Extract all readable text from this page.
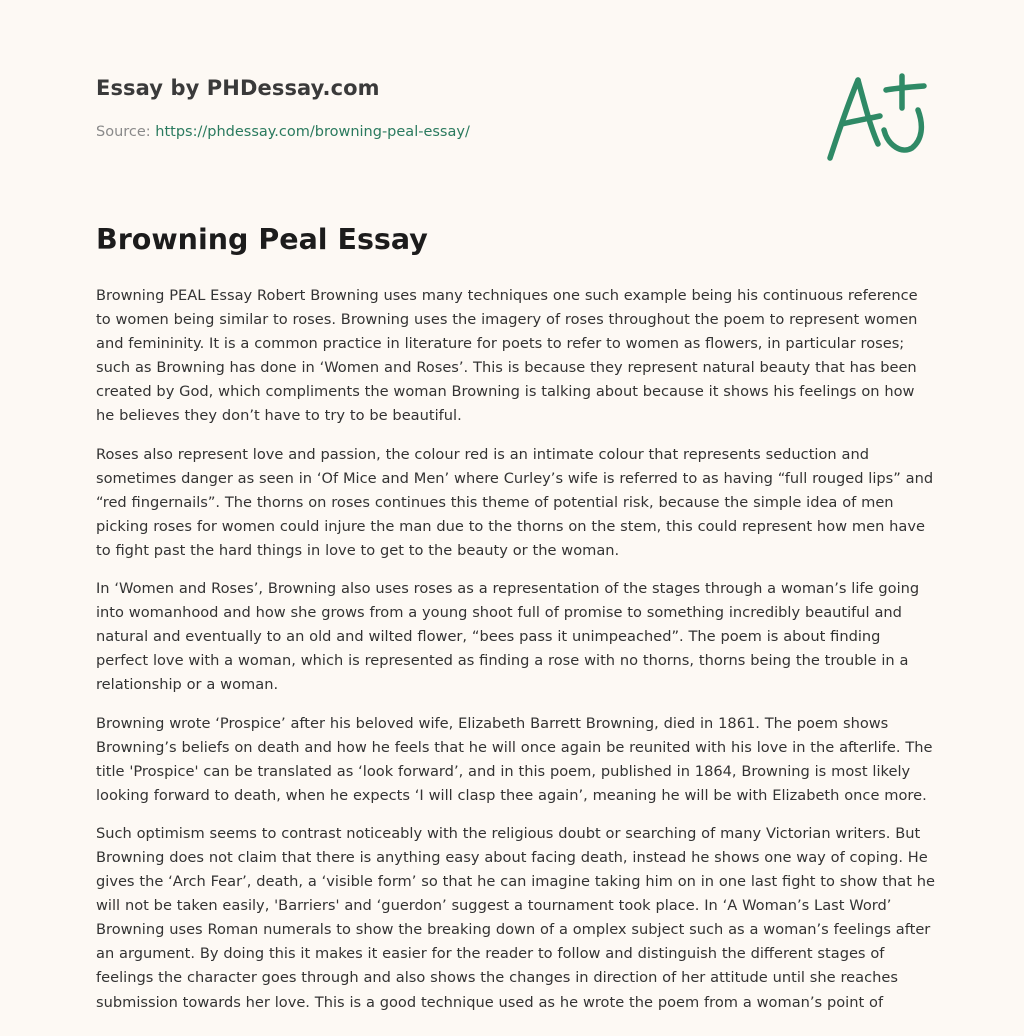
Essay by PHDessay.com
Source: https://phdessay.com/browning-peal-essay/
Browning Peal Essay

Browning PEAL Essay Robert Browning uses many techniques one such example being his continuous reference to women being similar to roses. Browning uses the imagery of roses throughout the poem to represent women and femininity. It is a common practice in literature for poets to refer to women as flowers, in particular roses; such as Browning has done in ‘Women and Roses’. This is because they represent natural beauty that has been created by God, which compliments the woman Browning is talking about because it shows his feelings on how he believes they don’t have to try to be beautiful.

Roses also represent love and passion, the colour red is an intimate colour that represents seduction and sometimes danger as seen in ‘Of Mice and Men’ where Curley’s wife is referred to as having “full rouged lips” and “red fingernails”. The thorns on roses continues this theme of potential risk, because the simple idea of men picking roses for women could injure the man due to the thorns on the stem, this could represent how men have to fight past the hard things in love to get to the beauty or the woman.

In ‘Women and Roses’, Browning also uses roses as a representation of the stages through a woman’s life going into womanhood and how she grows from a young shoot full of promise to something incredibly beautiful and natural and eventually to an old and wilted flower, “bees pass it unimpeached”. The poem is about finding perfect love with a woman, which is represented as finding a rose with no thorns, thorns being the trouble in a relationship or a woman.

Browning wrote ‘Prospice’ after his beloved wife, Elizabeth Barrett Browning, died in 1861. The poem shows Browning’s beliefs on death and how he feels that he will once again be reunited with his love in the afterlife. The title 'Prospice' can be translated as ‘look forward’, and in this poem, published in 1864, Browning is most likely looking forward to death, when he expects ‘I will clasp thee again’, meaning he will be with Elizabeth once more.

Such optimism seems to contrast noticeably with the religious doubt or searching of many Victorian writers. But Browning does not claim that there is anything easy about facing death, instead he shows one way of coping. He gives the ‘Arch Fear’, death, a ‘visible form’ so that he can imagine taking him on in one last fight to show that he will not be taken easily, 'Barriers' and ‘guerdon’ suggest a tournament took place. In ‘A Woman’s Last Word’ Browning uses Roman numerals to show the breaking down of a omplex subject such as a woman’s feelings after an argument. By doing this it makes it easier for the reader to follow and distinguish the different stages of feelings the character goes through and also shows the changes in direction of her attitude until she reaches submission towards her love. This is a good technique used as he wrote the poem from a woman’s point of
